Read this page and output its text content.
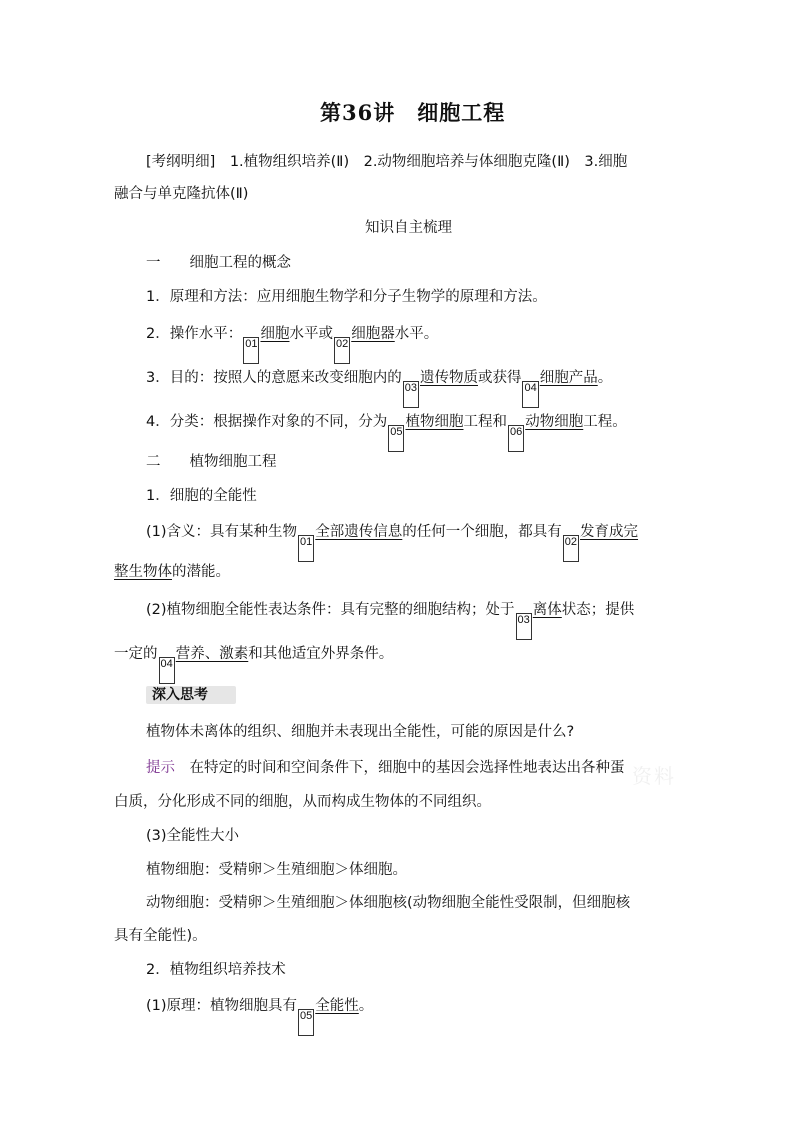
第36讲　细胞工程
[考纲明细]　1.植物组织培养(Ⅱ)　2.动物细胞培养与体细胞克隆(Ⅱ)　3.细胞
融合与单克隆抗体(Ⅱ)
知识自主梳理
一　　细胞工程的概念
1．原理和方法：应用细胞生物学和分子生物学的原理和方法。
2．操作水平：01细胞水平或02细胞器水平。
3．目的：按照人的意愿来改变细胞内的03遗传物质或获得04细胞产品。
4．分类：根据操作对象的不同，分为05植物细胞工程和06动物细胞工程。
二　　植物细胞工程
1．细胞的全能性
(1)含义：具有某种生物01全部遗传信息的任何一个细胞，都具有02发育成完
整生物体的潜能。
(2)植物细胞全能性表达条件：具有完整的细胞结构；处于03离体状态；提供
一定的04营养、激素和其他适宜外界条件。
深入思考
植物体未离体的组织、细胞并未表现出全能性，可能的原因是什么?
提示　在特定的时间和空间条件下，细胞中的基因会选择性地表达出各种蛋
白质，分化形成不同的细胞，从而构成生物体的不同组织。
资料
(3)全能性大小
植物细胞：受精卵＞生殖细胞＞体细胞。
动物细胞：受精卵＞生殖细胞＞体细胞核(动物细胞全能性受限制，但细胞核
具有全能性)。
2．植物组织培养技术
(1)原理：植物细胞具有05全能性。
